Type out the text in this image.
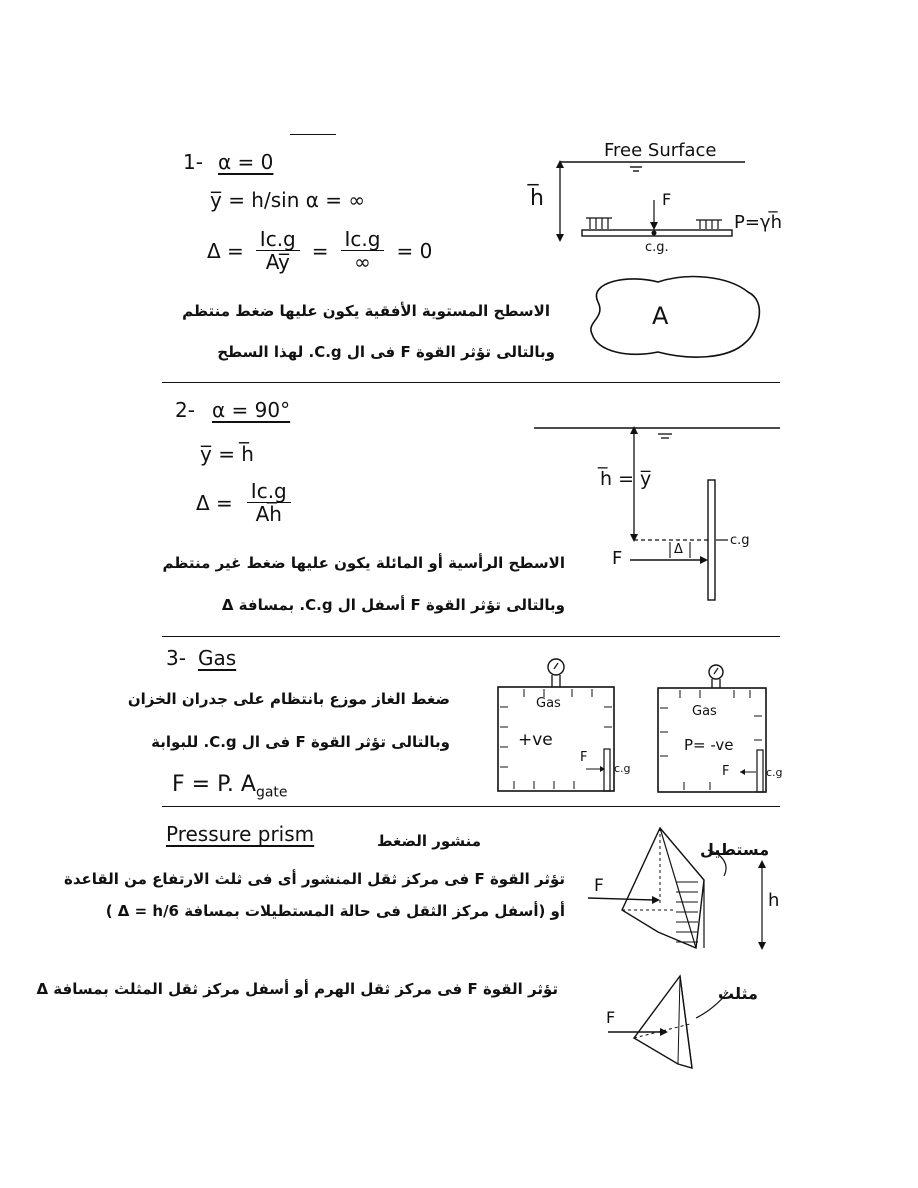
1- α = 0
y̅ = h/sin α = ∞
$\Delta = \frac{Ic.g}{Ay̅} = \frac{Ic.g}{\infty} = 0$
الاسطح المستوية الأفقية يكون عليها ضغط منتظم
وبالتالى تؤثر القوة F فى ال C.g. لهذا السطح
Free Surface
h̅	F
P=γh̅
c.g.
A
2- α = 90°
y̅ = h̅
$\Delta = \frac{Ic.g}{Ah̅}$
الاسطح الرأسية أو المائلة يكون عليها ضغط غير منتظم
وبالتالى تؤثر القوة F أسفل ال C.g. بمسافة Δ
h̅ = y̅
F	Δ
c.g
3- Gas
ضغط الغاز موزع بانتظام على جدران الخزان
وبالتالى تؤثر القوة F فى ال C.g. للبوابة
F = P. $A_{gate}$
Gas
+ve
F
c.g
Gas
P= -ve
F	c.g
Pressure prism	منشور الضغط
تؤثر القوة F فى مركز ثقل المنشور أى فى ثلث الارتفاع من القاعدة
أو (أسفل مركز الثقل فى حالة المستطيلات بمسافة Δ = h/6 )
مستطيل
F
h
تؤثر القوة F فى مركز ثقل الهرم أو أسفل مركز ثقل المثلث بمسافة Δ	مثلث
F
